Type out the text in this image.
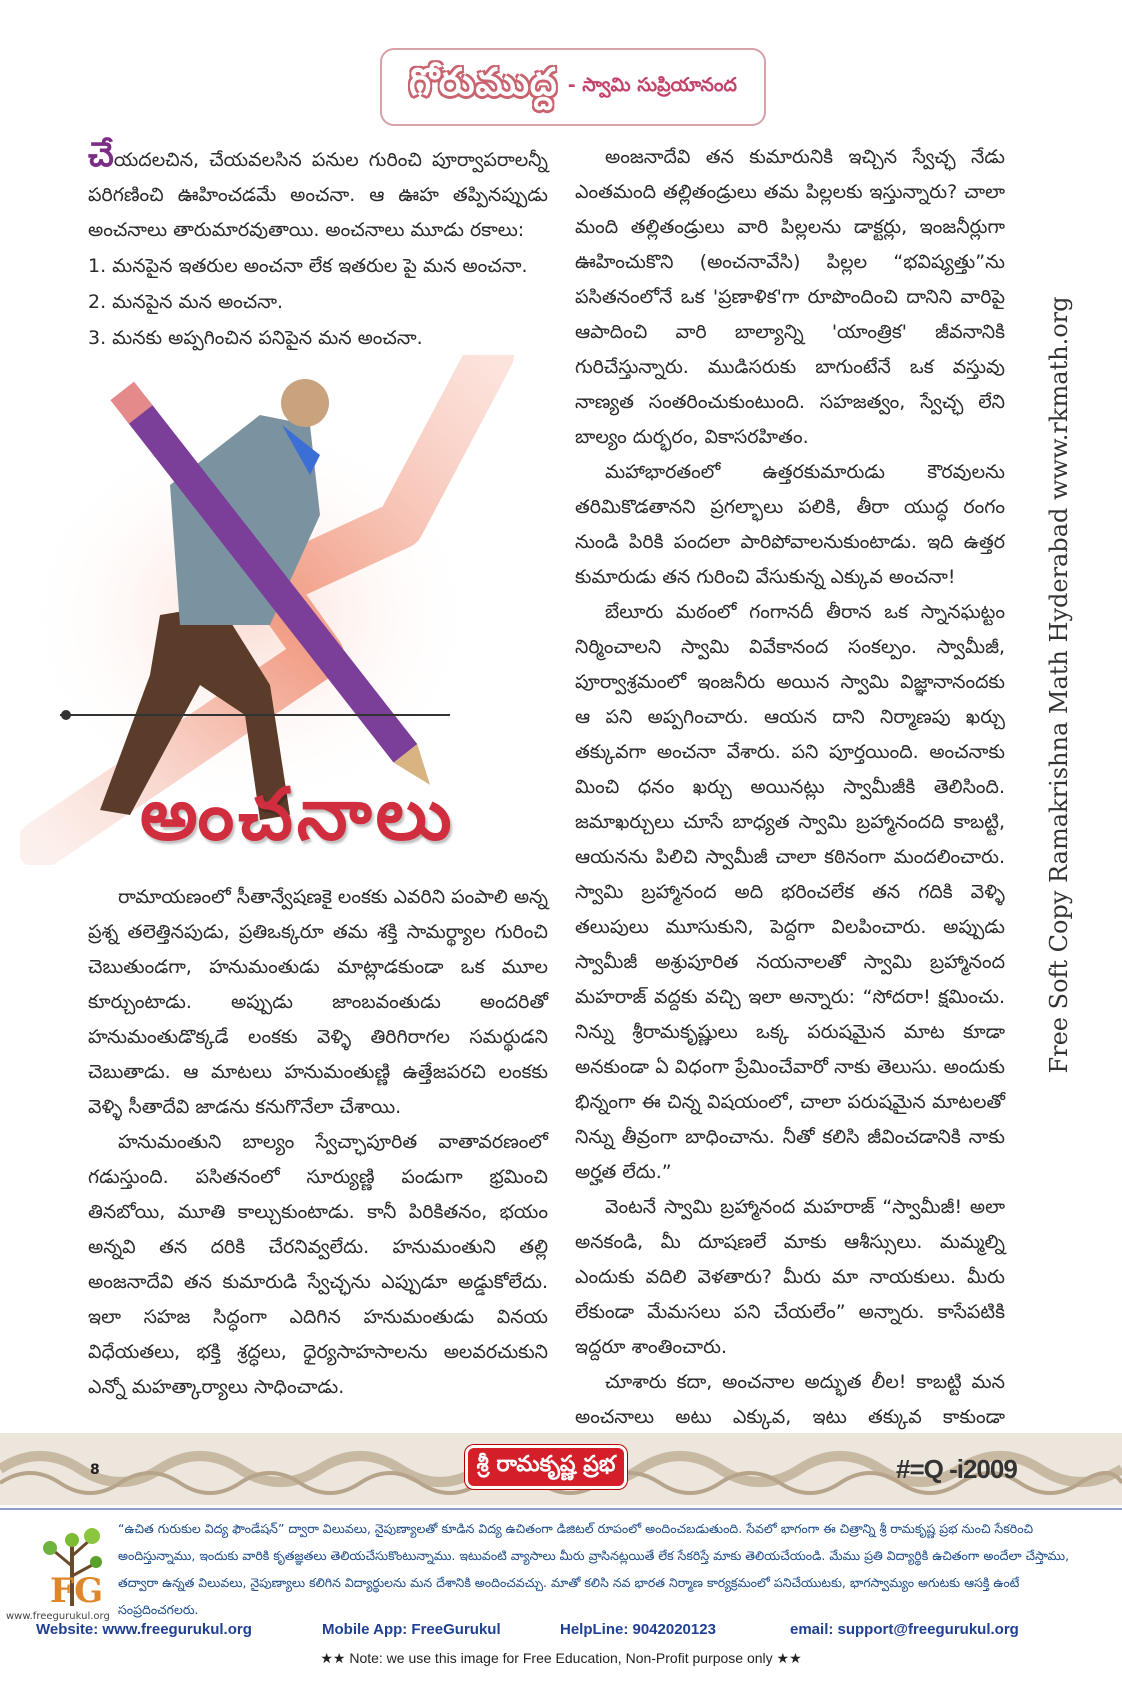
గోరుముద్ద - స్వామి సుప్రియానంద

చేయదలచిన, చేయవలసిన పనుల గురించి పూర్వాపరాలన్నీ పరిగణించి ఊహించడమే అంచనా. ఆ ఊహ తప్పినప్పుడు అంచనాలు తారుమారవుతాయి. అంచనాలు మూడు రకాలు:

1. మనపైన ఇతరుల అంచనా లేక ఇతరుల పై మన అంచనా.
2. మనపైన మన అంచనా.
3. మనకు అప్పగించిన పనిపైన మన అంచనా.
అంచనాలు

రామాయణంలో సీతాన్వేషణకై లంకకు ఎవరిని పంపాలి అన్న ప్రశ్న తలెత్తినపుడు, ప్రతిఒక్కరూ తమ శక్తి సామర్థ్యాల గురించి చెబుతుండగా, హనుమంతుడు మాట్లాడకుండా ఒక మూల కూర్చుంటాడు. అప్పుడు జాంబవంతుడు అందరితో హనుమంతుడొక్కడే లంకకు వెళ్ళి తిరిగిరాగల సమర్థుడని చెబుతాడు. ఆ మాటలు హనుమంతుణ్ణి ఉత్తేజపరచి లంకకు వెళ్ళి సీతాదేవి జాడను కనుగొనేలా చేశాయి.

హనుమంతుని బాల్యం స్వేచ్ఛాపూరిత వాతావరణంలో గడుస్తుంది. పసితనంలో సూర్యుణ్ణి పండుగా భ్రమించి తినబోయి, మూతి కాల్చుకుంటాడు. కానీ పిరికితనం, భయం అన్నవి తన దరికి చేరనివ్వలేదు. హనుమంతుని తల్లి అంజనాదేవి తన కుమారుడి స్వేచ్ఛను ఎప్పుడూ అడ్డుకోలేదు. ఇలా సహజ సిద్ధంగా ఎదిగిన హనుమంతుడు వినయ విధేయతలు, భక్తి శ్రద్ధలు, ధైర్యసాహసాలను అలవరచుకుని ఎన్నో మహత్కార్యాలు సాధించాడు.

అంజనాదేవి తన కుమారునికి ఇచ్చిన స్వేచ్ఛ నేడు ఎంతమంది తల్లితండ్రులు తమ పిల్లలకు ఇస్తున్నారు? చాలా మంది తల్లితండ్రులు వారి పిల్లలను డాక్టర్లు, ఇంజనీర్లుగా ఊహించుకొని (అంచనావేసి) పిల్లల “భవిష్యత్తు”ను పసితనంలోనే ఒక 'ప్రణాళిక'గా రూపొందించి దానిని వారిపై ఆపాదించి వారి బాల్యాన్ని 'యాంత్రిక' జీవనానికి గురిచేస్తున్నారు. ముడిసరుకు బాగుంటేనే ఒక వస్తువు నాణ్యత సంతరించుకుంటుంది. సహజత్వం, స్వేచ్ఛ లేని బాల్యం దుర్భరం, వికాసరహితం.

మహాభారతంలో ఉత్తరకుమారుడు కౌరవులను తరిమికొడతానని ప్రగల్భాలు పలికి, తీరా యుద్ధ రంగం నుండి పిరికి పందలా పారిపోవాలనుకుంటాడు. ఇది ఉత్తర కుమారుడు తన గురించి వేసుకున్న ఎక్కువ అంచనా!

బేలూరు మఠంలో గంగానదీ తీరాన ఒక స్నానఘట్టం నిర్మించాలని స్వామి వివేకానంద సంకల్పం. స్వామీజీ, పూర్వాశ్రమంలో ఇంజనీరు అయిన స్వామి విజ్ఞానానందకు ఆ పని అప్పగించారు. ఆయన దాని నిర్మాణపు ఖర్చు తక్కువగా అంచనా వేశారు. పని పూర్తయింది. అంచనాకు మించి ధనం ఖర్చు అయినట్లు స్వామీజీకి తెలిసింది. జమాఖర్చులు చూసే బాధ్యత స్వామి బ్రహ్మానందది కాబట్టి, ఆయనను పిలిచి స్వామీజీ చాలా కఠినంగా మందలించారు. స్వామి బ్రహ్మానంద అది భరించలేక తన గదికి వెళ్ళి తలుపులు మూసుకుని, పెద్దగా విలపించారు. అప్పుడు స్వామీజీ అశ్రుపూరిత నయనాలతో స్వామి బ్రహ్మానంద మహరాజ్ వద్దకు వచ్చి ఇలా అన్నారు: “సోదరా! క్షమించు. నిన్ను శ్రీరామకృష్ణులు ఒక్క పరుషమైన మాట కూడా అనకుండా ఏ విధంగా ప్రేమించేవారో నాకు తెలుసు. అందుకు భిన్నంగా ఈ చిన్న విషయంలో, చాలా పరుషమైన మాటలతో నిన్ను తీవ్రంగా బాధించాను. నీతో కలిసి జీవించడానికి నాకు అర్హత లేదు.”

వెంటనే స్వామి బ్రహ్మానంద మహరాజ్ “స్వామీజీ! అలా అనకండి, మీ దూషణలే మాకు ఆశీస్సులు. మమ్మల్ని ఎందుకు వదిలి వెళతారు? మీరు మా నాయకులు. మీరు లేకుండా మేమసలు పని చేయలేం” అన్నారు. కాసేపటికి ఇద్దరూ శాంతించారు.

చూశారు కదా, అంచనాల అద్భుత లీల! కాబట్టి మన అంచనాలు అటు ఎక్కువ, ఇటు తక్కువ కాకుండా

Free Soft Copy Ramakrishna Math Hyderabad www.rkmath.org
8	శ్రీ రామకృష్ణ ప్రభ	#=Q -i2009
FG
www.freegurukul.org
“ఉచిత గురుకుల విద్య ఫౌండేషన్” ద్వారా విలువలు, నైపుణ్యాలతో కూడిన విద్య ఉచితంగా డిజిటల్ రూపంలో అందించబడుతుంది. సేవలో భాగంగా ఈ చిత్రాన్ని శ్రీ రామకృష్ణ ప్రభ నుంచి సేకరించి అందిస్తున్నాము, ఇందుకు వారికి కృతజ్ఞతలు తెలియచేసుకొంటున్నాము. ఇటువంటి వ్యాసాలు మీరు వ్రాసినట్లయితే లేక సేకరిస్తే మాకు తెలియచేయండి. మేము ప్రతి విద్యార్థికి ఉచితంగా అందేలా చేస్తాము, తద్వారా ఉన్నత విలువలు, నైపుణ్యాలు కలిగిన విద్యార్థులను మన దేశానికి అందించవచ్చు. మాతో కలిసి నవ భారత నిర్మాణ కార్యక్రమంలో పనిచేయుటకు, భాగస్వామ్యం అగుటకు ఆసక్తి ఉంటే సంప్రదించగలరు.
Website: www.freegurukul.org	Mobile App: FreeGurukul	HelpLine: 9042020123	email: support@freegurukul.org
★★ Note: we use this image for Free Education, Non-Profit purpose only ★★
